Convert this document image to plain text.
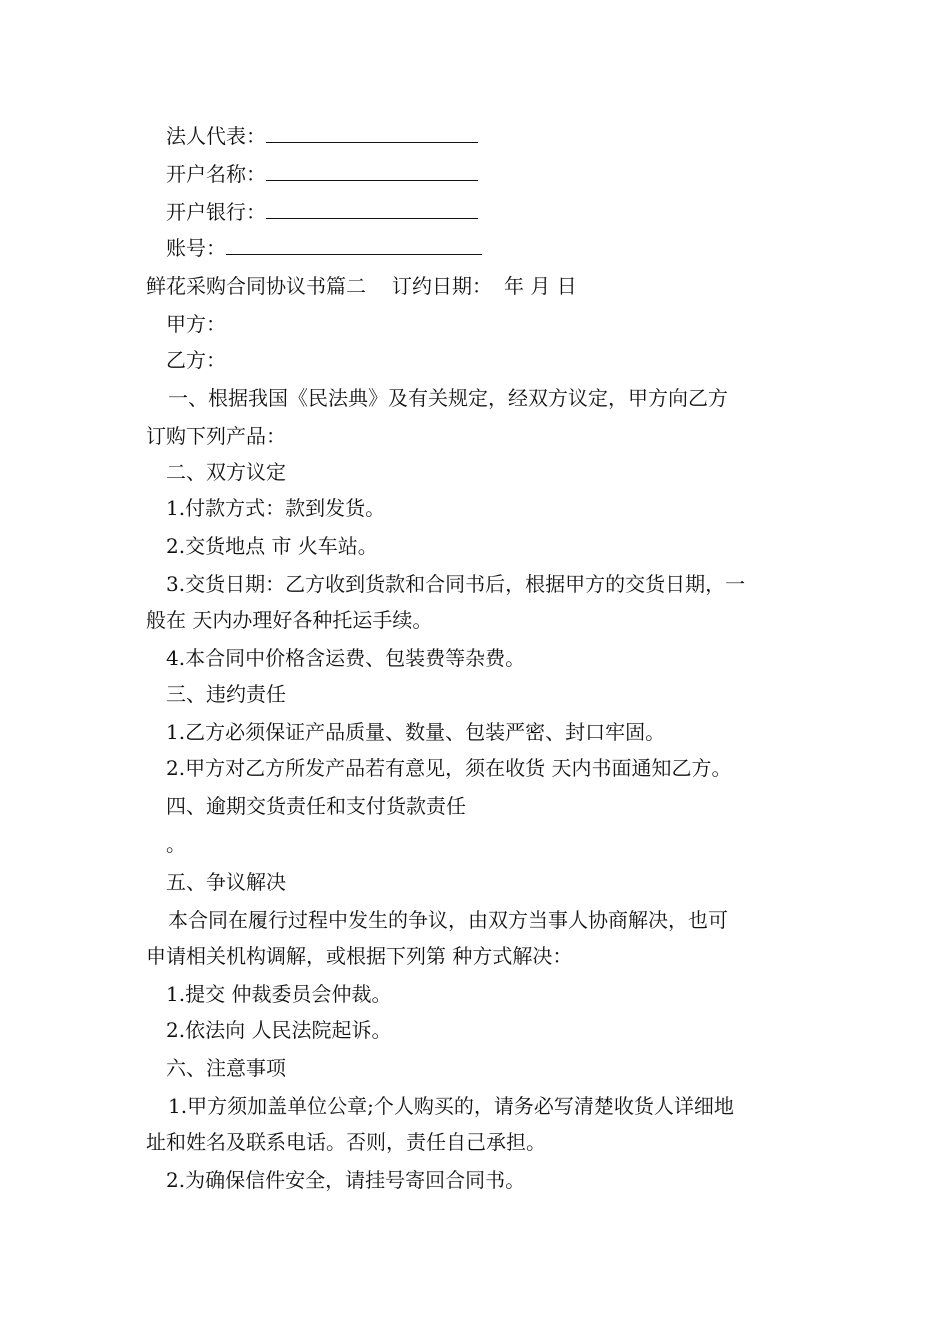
法人代表：
开户名称：
开户银行：
账号：
鲜花采购合同协议书篇二 订约日期： 年 月 日
甲方：
乙方：
一、根据我国《民法典》及有关规定，经双方议定，甲方向乙方
订购下列产品：
二、双方议定
1.付款方式：款到发货。
2.交货地点 市 火车站。
3.交货日期：乙方收到货款和合同书后，根据甲方的交货日期，一
般在 天内办理好各种托运手续。
4.本合同中价格含运费、包装费等杂费。
三、违约责任
1.乙方必须保证产品质量、数量、包装严密、封口牢固。
2.甲方对乙方所发产品若有意见，须在收货 天内书面通知乙方。
四、逾期交货责任和支付货款责任
。
五、争议解决
本合同在履行过程中发生的争议，由双方当事人协商解决，也可
申请相关机构调解，或根据下列第 种方式解决：
1.提交 仲裁委员会仲裁。
2.依法向 人民法院起诉。
六、注意事项
1.甲方须加盖单位公章;个人购买的，请务必写清楚收货人详细地
址和姓名及联系电话。否则，责任自己承担。
2.为确保信件安全，请挂号寄回合同书。
